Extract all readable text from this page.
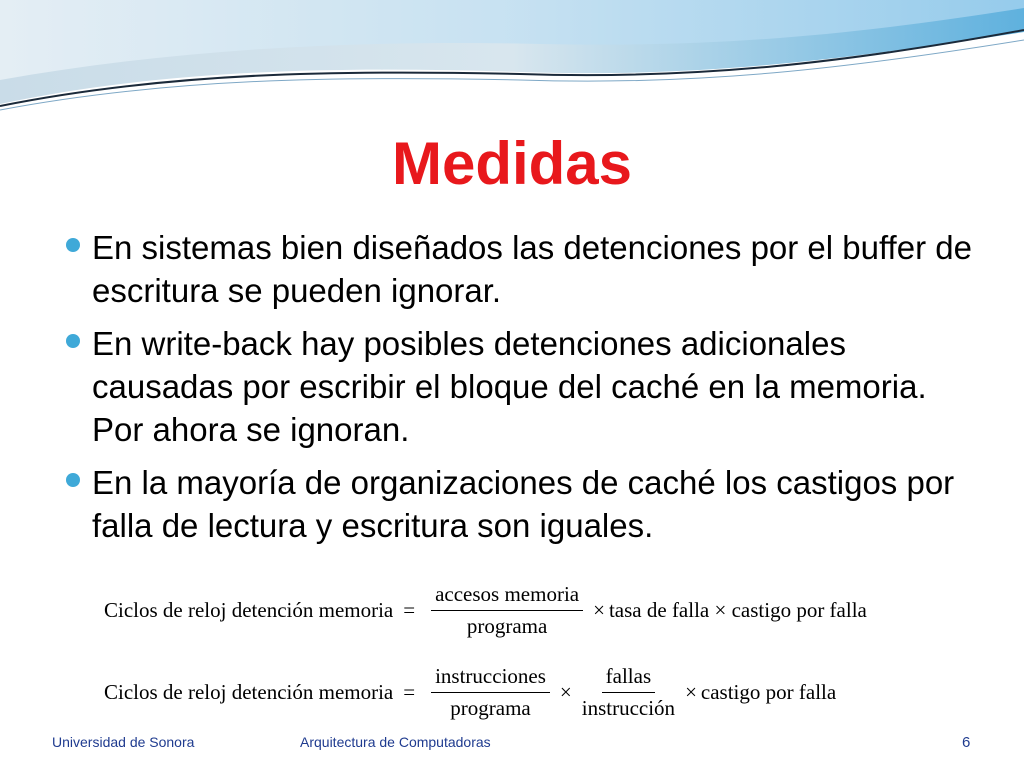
Medidas
En sistemas bien diseñados las detenciones por el buffer de escritura se pueden ignorar.
En write-back hay posibles detenciones adicionales causadas por escribir el bloque del caché en la memoria. Por ahora se ignoran.
En la mayoría de organizaciones de caché los castigos por falla de lectura y escritura son iguales.
Ciclos de reloj detención memoria = $\frac{\text{accesos memoria}}{\text{programa}}$ × tasa de falla × castigo por falla
Ciclos de reloj detención memoria = $\frac{\text{instrucciones}}{\text{programa}} \times \frac{\text{fallas}}{\text{instrucción}}$ × castigo por falla
Universidad de Sonora	Arquitectura de Computadoras	6
